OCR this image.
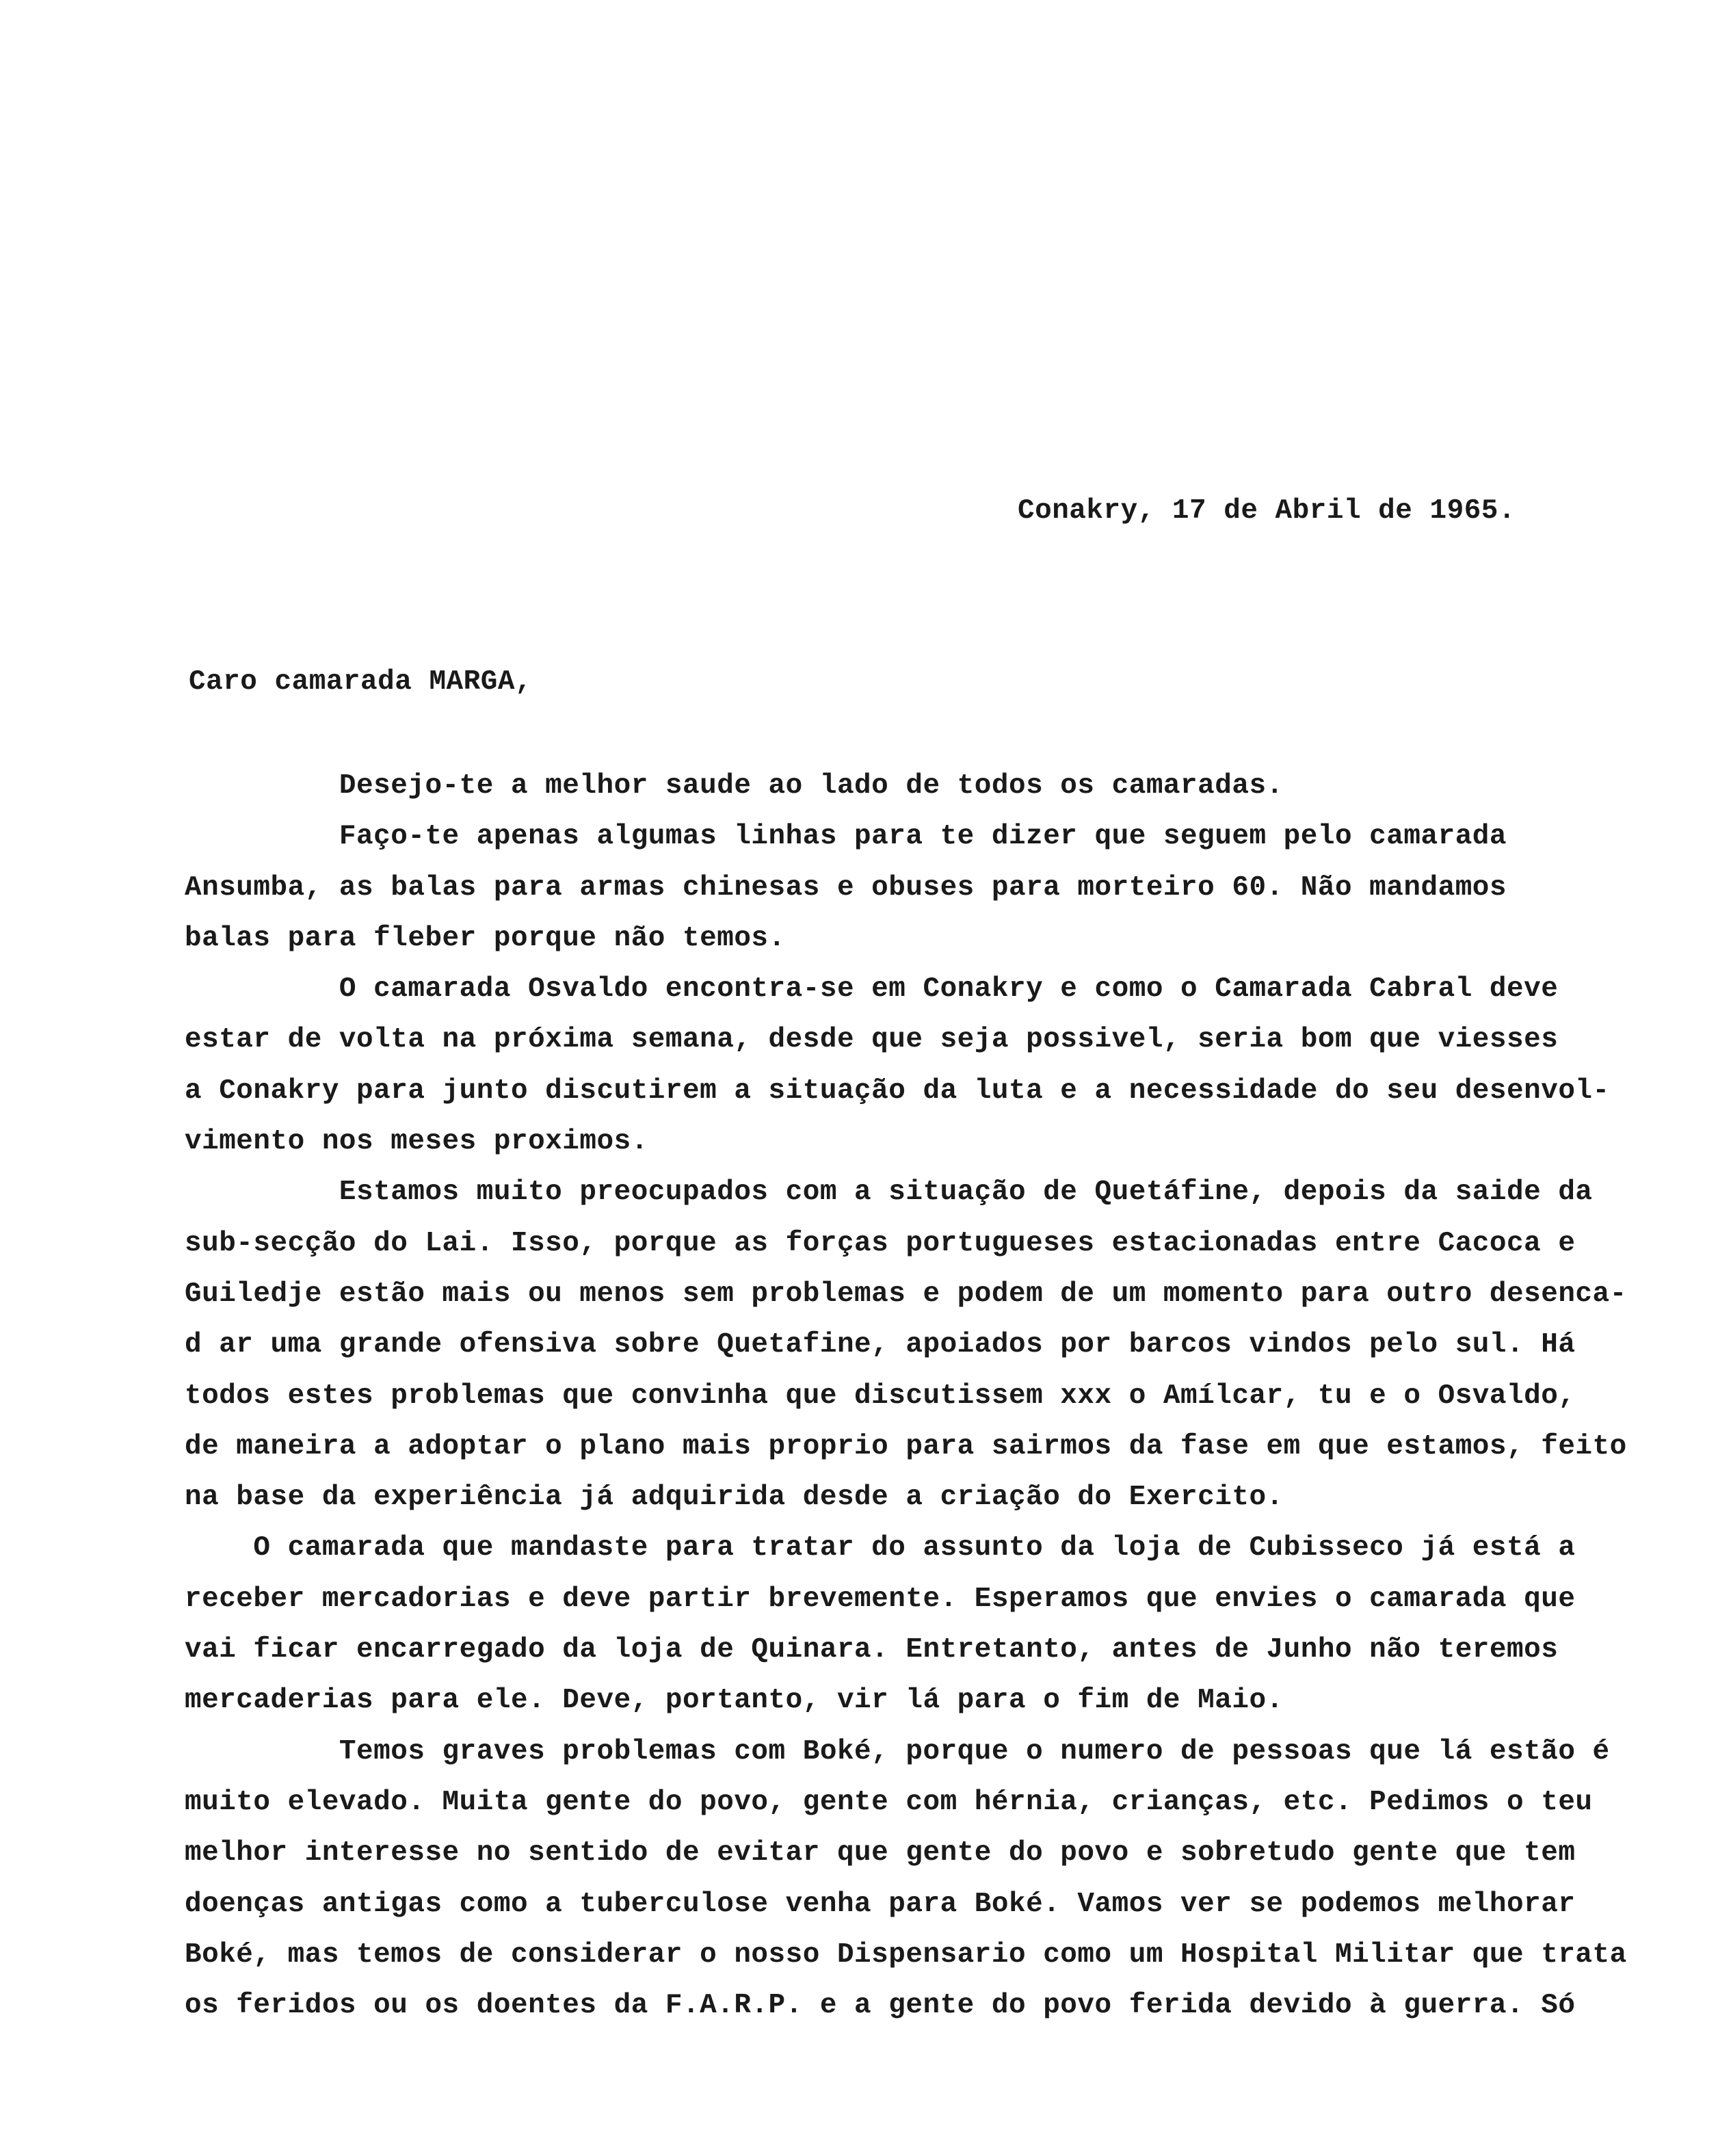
Conakry, 17 de Abril de 1965.
Caro camarada MARGA,
Desejo-te a melhor saude ao lado de todos os camaradas.
Faço-te apenas algumas linhas para te dizer que seguem pelo camarada
Ansumba, as balas para armas chinesas e obuses para morteiro 60. Não mandamos
balas para fleber porque não temos.
O camarada Osvaldo encontra-se em Conakry e como o Camarada Cabral deve
estar de volta na próxima semana, desde que seja possivel, seria bom que viesses
a Conakry para junto discutirem a situação da luta e a necessidade do seu desenvol-
vimento nos meses proximos.
Estamos muito preocupados com a situação de Quetáfine, depois da saide da
sub-secção do Lai. Isso, porque as forças portugueses estacionadas entre Cacoca e
Guiledje estão mais ou menos sem problemas e podem de um momento para outro desenca-
d ar uma grande ofensiva sobre Quetafine, apoiados por barcos vindos pelo sul. Há
todos estes problemas que convinha que discutissem xxx o Amílcar, tu e o Osvaldo,
de maneira a adoptar o plano mais proprio para sairmos da fase em que estamos, feito
na base da experiência já adquirida desde a criação do Exercito.
O camarada que mandaste para tratar do assunto da loja de Cubisseco já está a
receber mercadorias e deve partir brevemente. Esperamos que envies o camarada que
vai ficar encarregado da loja de Quinara. Entretanto, antes de Junho não teremos
mercaderias para ele. Deve, portanto, vir lá para o fim de Maio.
Temos graves problemas com Boké, porque o numero de pessoas que lá estão é
muito elevado. Muita gente do povo, gente com hérnia, crianças, etc. Pedimos o teu
melhor interesse no sentido de evitar que gente do povo e sobretudo gente que tem
doenças antigas como a tuberculose venha para Boké. Vamos ver se podemos melhorar
Boké, mas temos de considerar o nosso Dispensario como um Hospital Militar que trata
os feridos ou os doentes da F.A.R.P. e a gente do povo ferida devido à guerra. Só
